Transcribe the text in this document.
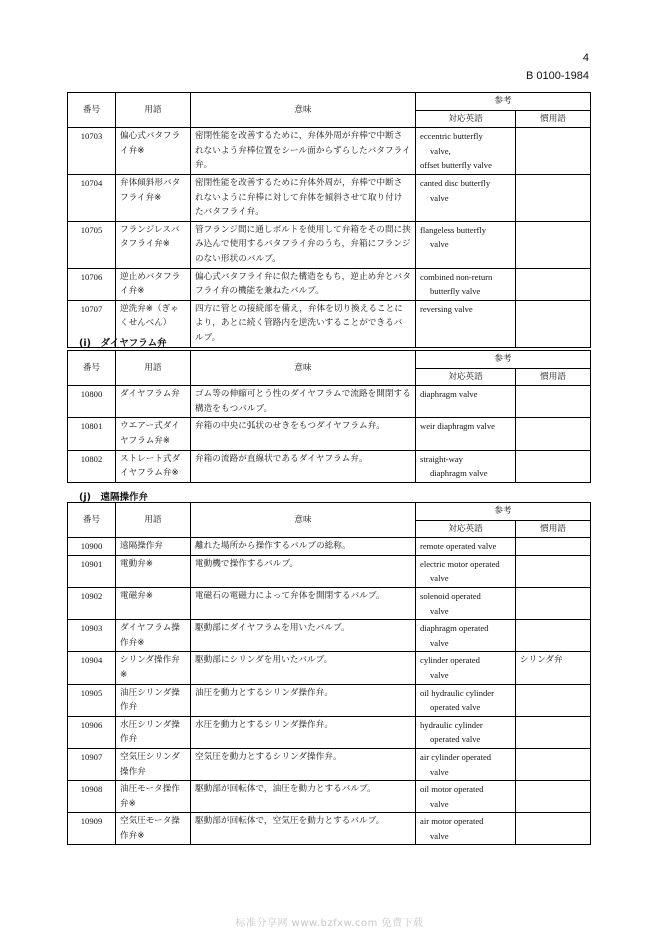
4
B 0100-1984
番号	用語	意味	参考	
			対応英語	慣用語
10703	偏心式バタフライ弁※	密閉性能を改善するために，弁体外周が弁棒で中断されないよう弁棒位置をシール面からずらしたバタフライ弁。	eccentric butterfly
valve,
offset butterfly valve	

10704	弁体傾斜形バタフライ弁※	密閉性能を改善するために弁体外周が，弁棒で中断されないように弁棒に対して弁体を傾斜させて取り付けたバタフライ弁。	canted disc butterfly
valve	

10705	フランジレスバタフライ弁※	管フランジ間に通しボルトを使用して弁箱をその間に挟み込んで使用するバタフライ弁のうち，弁箱にフランジのない形状のバルブ。	flangeless butterfly
valve	

10706	逆止めバタフライ弁※	偏心式バタフライ弁に似た構造をもち，逆止め弁とバタフライ弁の機能を兼ねたバルブ。	combined non-return
butterfly valve	

10707	逆洗弁※（ぎゃくせんべん）	四方に管との接続部を備え，弁体を切り換えることにより，あとに続く管路内を逆洗いすることができるバルブ。	reversing valve	

(i)　ダイヤフラム弁
番号	用語	意味	参考	
			対応英語	慣用語
10800	ダイヤフラム弁	ゴム等の伸縮可とう性のダイヤフラムで流路を開閉する構造をもつバルブ。	diaphragm valve	

10801	ウエアー式ダイヤフラム弁※	弁箱の中央に弧状のせきをもつダイヤフラム弁。	weir diaphragm valve	

10802	ストレート式ダイヤフラム弁※	弁箱の流路が直線状であるダイヤフラム弁。	straight-way
diaphragm valve	

(j)　遠隔操作弁
番号	用語	意味	参考	
			対応英語	慣用語
10900	遠隔操作弁	離れた場所から操作するバルブの総称。	remote operated valve	

10901	電動弁※	電動機で操作するバルブ。	electric motor operated
valve	

10902	電磁弁※	電磁石の電磁力によって弁体を開閉するバルブ。	solenoid operated
valve	

10903	ダイヤフラム操作弁※	駆動部にダイヤフラムを用いたバルブ。	diaphragm operated
valve	

10904	シリンダ操作弁※	駆動部にシリンダを用いたバルブ。	cylinder operated
valve	シリンダ弁
10905	油圧シリンダ操作弁	油圧を動力とするシリンダ操作弁。	oil hydraulic cylinder
operated valve	

10906	水圧シリンダ操作弁	水圧を動力とするシリンダ操作弁。	hydraulic cylinder
operated valve	

10907	空気圧シリンダ操作弁	空気圧を動力とするシリンダ操作弁。	air cylinder operated
valve	

10908	油圧モータ操作弁※	駆動部が回転体で，油圧を動力とするバルブ。	oil motor operated
valve	

10909	空気圧モータ操作弁※	駆動部が回転体で，空気圧を動力とするバルブ。	air motor operated
valve	

标准分享网 www.bzfxw.com 免费下载
